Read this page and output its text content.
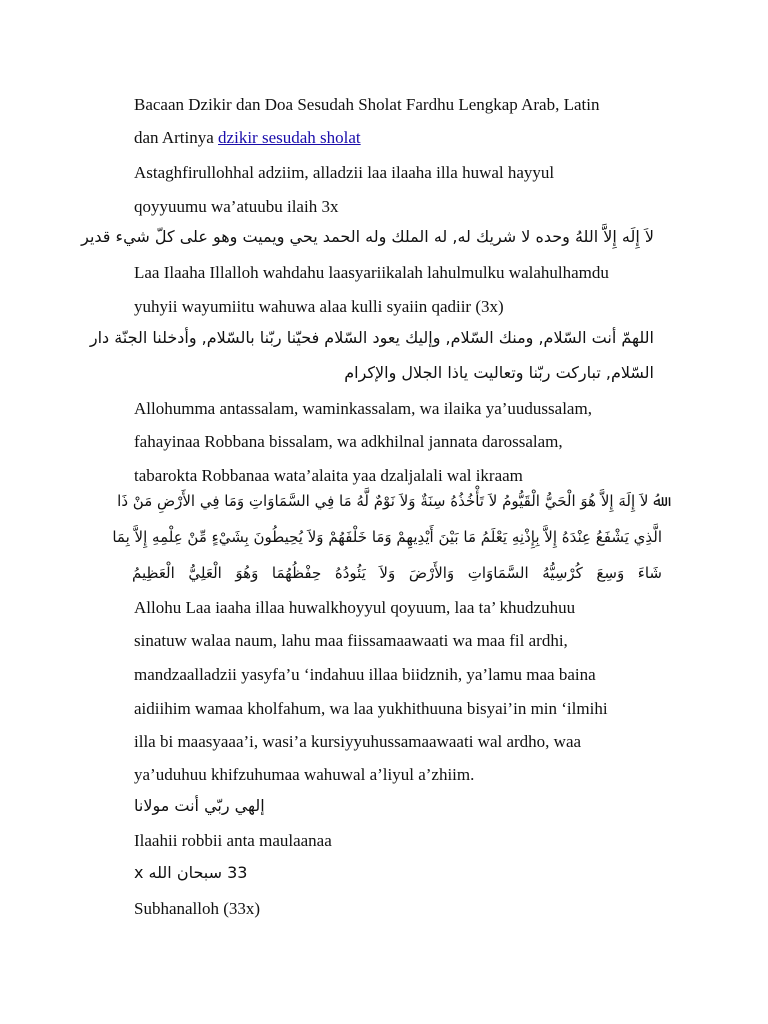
Bacaan Dzikir dan Doa Sesudah Sholat Fardhu Lengkap Arab, Latin
dan Artinya dzikir sesudah sholat
Astaghfirullohhal adziim, alladzii laa ilaaha illa huwal hayyul
qoyyuumu wa’atuubu ilaih 3x
لاَ إِلَه إِلاَّ اللهُ وحده لا شريك له, له الملك وله الحمد يحي ويميت وهو على كلّ شيء قدير
Laa Ilaaha Illalloh wahdahu laasyariikalah lahulmulku walahulhamdu
yuhyii wayumiitu wahuwa alaa kulli syaiin qadiir (3x)
اللهمّ أنت السّلام, ومنك السّلام, وإليك يعود السّلام فحيّنا ربّنا بالسّلام, وأدخلنا الجنّة دار
السّلام, تباركت ربّنا وتعاليت ياذا الجلال والإكرام
Allohumma antassalam, waminkassalam, wa ilaika ya’uudussalam,
fahayinaa Robbana bissalam, wa adkhilnal jannata darossalam,
tabarokta Robbanaa wata’alaita yaa dzaljalali wal ikraam
ﷲُ لاَ إِلَهَ إِلاَّ هُوَ الْحَيُّ الْقَيُّومُ لاَ تَأْخُذُهُ سِنَةٌ وَلاَ نَوْمٌ لَّهُ مَا فِي السَّمَاوَاتِ وَمَا فِي الأَرْضِ مَنْ ذَا
الَّذِي يَشْفَعُ عِنْدَهُ إِلاَّ بِإِذْنِهِ يَعْلَمُ مَا بَيْنَ أَيْدِيهِمْ وَمَا خَلْفَهُمْ وَلاَ يُحِيطُونَ بِشَيْءٍ مِّنْ عِلْمِهِ إِلاَّ بِمَا
شَاءَ وَسِعَ كُرْسِيُّهُ السَّمَاوَاتِ وَالأَرْضَ وَلاَ يَئُودُهُ حِفْظُهُمَا وَهُوَ الْعَلِيُّ الْعَظِيمُ
Allohu Laa iaaha illaa huwalkhoyyul qoyuum, laa ta’ khudzuhuu
sinatuw walaa naum, lahu maa fiissamaawaati wa maa fil ardhi,
mandzaalladzii yasyfa’u ‘indahuu illaa biidznih, ya’lamu maa baina
aidiihim wamaa kholfahum, wa laa yukhithuuna bisyai’in min ‘ilmihi
illa bi maasyaaa’i, wasi’a kursiyyuhussamaawaati wal ardho, waa
ya’uduhuu khifzuhumaa wahuwal a’liyul a’zhiim.
إلهي ربّي أنت مولانا
Ilaahii robbii anta maulaanaa
33 سبحان الله x
Subhanalloh (33x)
